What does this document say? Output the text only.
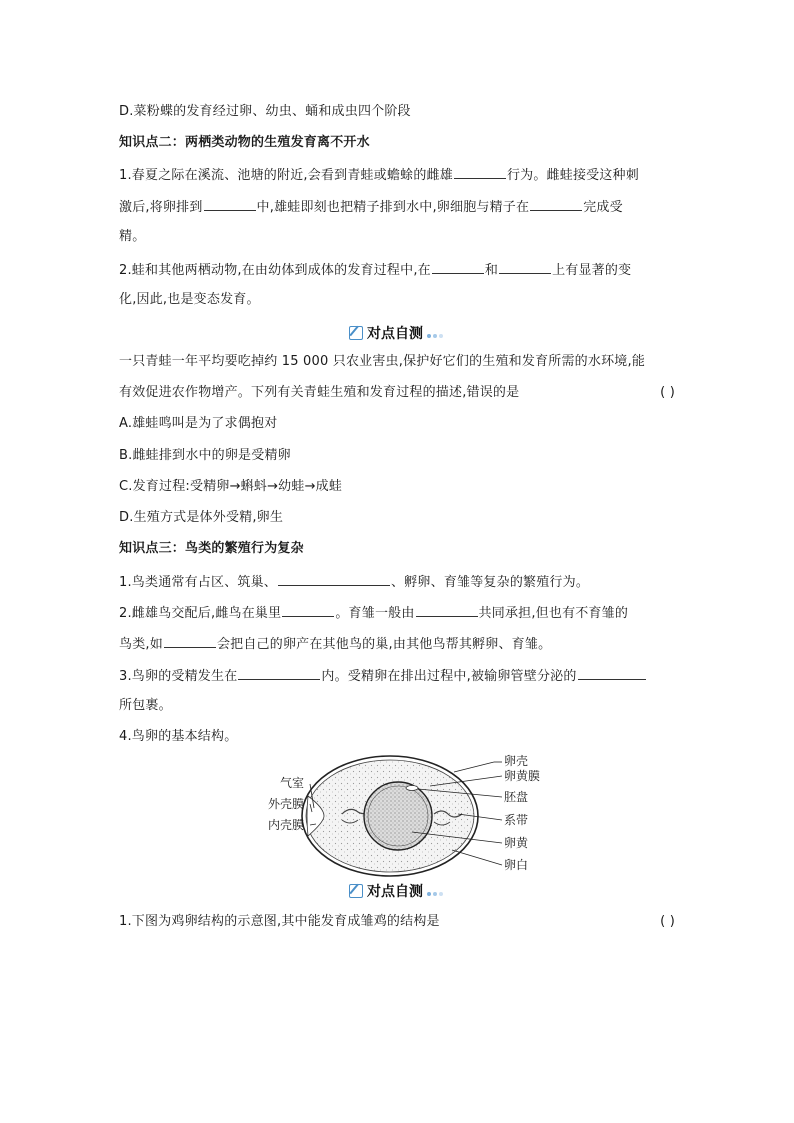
D.菜粉蝶的发育经过卵、幼虫、蛹和成虫四个阶段
知识点二：两栖类动物的生殖发育离不开水
1.春夏之际在溪流、池塘的附近,会看到青蛙或蟾蜍的雌雄	行为。雌蛙接受这种刺
激后,将卵排到	中,雄蛙即刻也把精子排到水中,卵细胞与精子在	完成受
精。
2.蛙和其他两栖动物,在由幼体到成体的发育过程中,在	和	上有显著的变
化,因此,也是变态发育。
对点自测
一只青蛙一年平均要吃掉约 15 000 只农业害虫,保护好它们的生殖和发育所需的水环境,能
有效促进农作物增产。下列有关青蛙生殖和发育过程的描述,错误的是	( )
A.雄蛙鸣叫是为了求偶抱对
B.雌蛙排到水中的卵是受精卵
C.发育过程:受精卵→蝌蚪→幼蛙→成蛙
D.生殖方式是体外受精,卵生
知识点三：鸟类的繁殖行为复杂
1.鸟类通常有占区、筑巢、	、孵卵、育雏等复杂的繁殖行为。
2.雌雄鸟交配后,雌鸟在巢里	。育雏一般由	共同承担,但也有不育雏的
鸟类,如	会把自己的卵产在其他鸟的巢,由其他鸟帮其孵卵、育雏。
3.鸟卵的受精发生在	内。受精卵在排出过程中,被输卵管壁分泌的
所包裹。
4.鸟卵的基本结构。
对点自测
1.下图为鸡卵结构的示意图,其中能发育成雏鸡的结构是	( )
气室
外壳膜
内壳膜
卵壳
卵黄膜
胚盘
系带
卵黄
卵白
